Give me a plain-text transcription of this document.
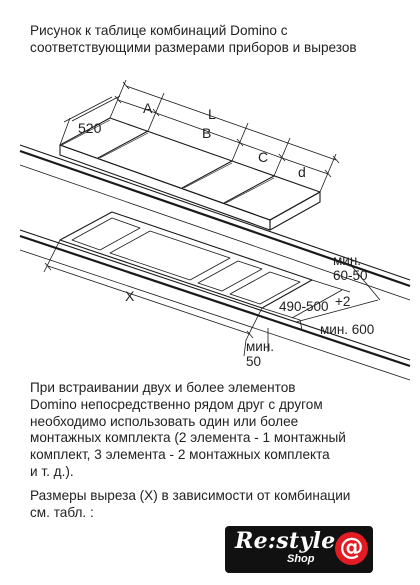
Рисунок к таблице комбинаций Domino с
соответствующими размерами приборов и вырезов
520
A	L
B
C
d
X
мин.
60-50
490-500 +2
мин. 600
мин.
50
При встраивании двух и более элементов
Domino непосредственно рядом друг с другом
необходимо использовать один или более
монтажных комплекта (2 элемента - 1 монтажный
комплект, 3 элемента - 2 монтажных комплекта
и т. д.).
Размеры выреза (X) в зависимости от комбинации
см. табл. :
Re:style
Shop @
